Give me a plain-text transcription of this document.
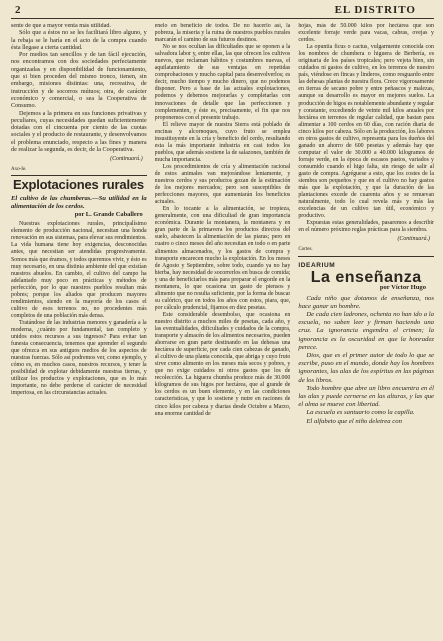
2	EL DISTRITO

sente de que a mayor venta más utilidad.

Sólo que a éstos no se les facilitará libro alguno, y la rebaja se le haría en el acto de la compra cuando ésta llegase a cierta cantidad.

Por medios tan sencillos y de tan fácil ejecución, nos encontramos con dos sociedades perfectamente organizadas y en disponibilidad de funcionamiento, que si bien proceden del mismo tronco, tienen, sin embargo, misiones distintas: una, recreativa, de instrucción y de socorros mútuos; otra, de carácter económico y comercial, o sea la Cooperativa de Consumo.

Dejemos a la primera en sus funciones privativas y peculiares, cuyas necesidades quedan suficientemente dotadas con el cincuenta por ciento de las cuotas sociales y el producto de restaurante, y desenvolvamos el problema enunciado, respecto a las fines y manera de realizar la segunda, es decir, de la Cooperativa.

(Continuará.)
Axo-Ie.
Explotaciones rurales

El cultivo de las chumberas.—Su utilidad en la alimentación de los cerdos.

por L. Grande Caballero

Nuestras explotaciones rurales, principalísimo elemento de producción nacional, necesitan una honda renovación en sus sistemas, para elevar sus rendimientos. La vida humana tiene hoy exigencias, desconocidas antes, que necesitan ser atendidas progresivamente. Somos más que éramos, y todos queremos vivir, y ésto es muy necesario, en una distinta ambiente del que existían nuestros abuelos. En cambio, el cultivo del campo ha adelantado muy poco en prácticas y métodos de perfección, por lo que nuestros pueblos resultan más pobres; porque los aliados que producen mayores rendimientos, siendo en la mayoría de los casos el cultivo de esos terrenos no, no procedentes más completos de una población más densa.

Tratándose de las industrias menores y ganadería a la moderna, ¿cuánto por fundamental, tan completo y unidos estos recursos a sus ingresos? Para evitar tan funesta consecuencia, tenemos que aprender el segundo que ofrezca en sus antiguos medios de los aspectos de nuestras fuerzas. Sólo así podremos ver, como ejemplo, y cómo es, en muchos casos, nuestros recursos, y tener la posibilidad de explotar debidamente nuestras tierras, y utilizar los productos y explotaciones, que es lo más importante, no debe perderse el carácter de necesidad imperiosa, en las circunstancias actuales.

enelo en beneficio de todos. De no hacerlo así, la pobreza, la miseria y la ruina de nuestros pueblos rurales marcarán el camino de sus futuros destinos.

No se nos ocultan las dificultades que se oponen a la salvadora labor y, entre ellas, las que ofrecen los cultivos nuevos, que reclaman hábitos y costumbres nuevas, el aquilatamiento de sus ventajas en repetidas comprobaciones y mucho capital para desenvolverlos; es decir, mucho tiempo y mucho dinero, que no podemos disponer. Pero a base de las actuales explotaciones, podemos y debemos mejorarlas y completarlas con innovaciones de detalle que las perfeccionen y complementen, y éste es, precisamente, el fin que nos proponemos con el presente trabajo.

El relieve mayor de nuestra Sierra está poblado de encinas y alcornoques, cuyo fruto se emplea insustituyente en la cría y beneficio del cerdo, resultando esta la más importante industria en casi todos los pueblos, que además sostiene la de salazones, también de mucha importancia.

Los procedimientos de cría y alimentación racional de estos animales van mejorándose lentamente, y nuestros cerdos y sus productos gozan de la estimación de los mejores mercados; pero son susceptibles de perfecciones mayores, que aumentarán los beneficios actuales.

En lo tocante a la alimentación, se tropieza, generalmente, con una dificultad de gran importancia económica. Durante la montanera, la montanera y en gran parte de la primavera los productos directos del suelo, abastecen la alimentación de las piaras; pero en cuatro o cinco meses del año necesitan en todo o en parte alimentos almacenados, y los gastos de compra y transporte encarecen mucho la explotación. En los meses de Agosto y Septiembre, sobre todo, cuando ya no hay hierba, hay necesidad de socorrerlos en busca de comida; y una de beneficiarlos más para preparar el engorde en la montanera, lo que ocasiona un gasto de piensos y alimento que no resulta suficiente, por la forma de buscar su calórico, que en todos los años con estos, piara, que, por cálculo prudencial, fijamos en diez pesetas.

Este considerable desembolso, que ocasiona en nuestro distrito a muchos miles de pesetas, cada año, y las eventualidades, dificultades y cuidados de la compra, transporte y almacén de los alimentos necesarios, pueden ahorrarse en gran parte destinando en las dehesas una hectárea de superficie, por cada cien cabezas de ganado, al cultivo de una planta conocida, que abriga y cuyo fruto sirve como alimento en los meses más secos y pobres, y que no exige cuidados ni otros gastos que los de recolección. La higuera chumba produce más de 30.000 kilogramos de sus higos por hectárea, que al grande de los cerdos es un buen elemento, y en las condiciones caracteristicas, y que lo sostiene y nutre en raciones de cinco kilos por cabeza y diarias desde Octubre a Marzo, una enorme cantidad de

hojas, más de 50.000 kilos por hectárea que son excelente forraje verde para vacas, cabras, ovejas y cerdos.

La opuntia ficus o cactus, vulgarmente conocida con los nombres de chumbera o higuera de Berbería, es originaria de los países tropicales; pero vejeta bien, sin cuidados ni gastos de cultivo, en los terrenos de nuestro país, viéndose en fincas y linderos, como resguardo entre las dehesas plantas de nuestra flora. Crece vigorosamente en tierras de secano pobre y entre peñascos y malezas, aunque su desarrollo es mayor en mejores suelos. La producción de higos es notablemente abundante y regular y constante, excediendo de veinte mil kilos anuales por hectárea en terrenos de regular calidad, que bastan para alimentar a 100 cerdos en 60 días, con ración diaria de cinco kilos por cabeza. Sólo en la producción, los labores en otros gastos de cultivo, representa para los dueños del ganado un ahorro de 600 pesetas y además hay que computar el valor de 30.000 a 40.000 kilogramos de forraje verde, en la época de escasos pastos, variados y consumido cuando el higo falta, sin riesgo de salir al gasto de compra. Agréguese a esto, que los costes de la siembra son pequeños y que en el cultivo no hay gastos más que la explotación, y que la duración de las plantaciones excede de cuarenta años y se renuevan naturalmente, todo lo cual revela más y más las excelencias de un cultivo tan útil, económico y productivo.

Expuestas estas generalidades, pasaremos a describir en el número próximo reglas prácticas para la siembra.

(Continuará.)
Cortes.
IDEARIUM
La enseñanza
por Víctor Hugo

Cada niño que dotamos de enseñanza, nos hace ganar un hombre.

De cada cien ladrones, ochenta no han ido a la escuela, no saben leer y firman haciendo una cruz. La ignorancia engendra el crimen; la ignorancia es la oscuridad en que la honradez perece.

Dios, que es el primer autor de todo lo que se escribe, puso en el mundo, donde hay los hombres ignorantes, las alas de los espíritus en las páginas de los libros.

Todo hombre que abre un libro encuentra en él las alas y puede cernerse en las alturas, y las que el alma se mueve con libertad.

La escuela es santuario como la capilla.

El alfabeto que el niño deletrea con
